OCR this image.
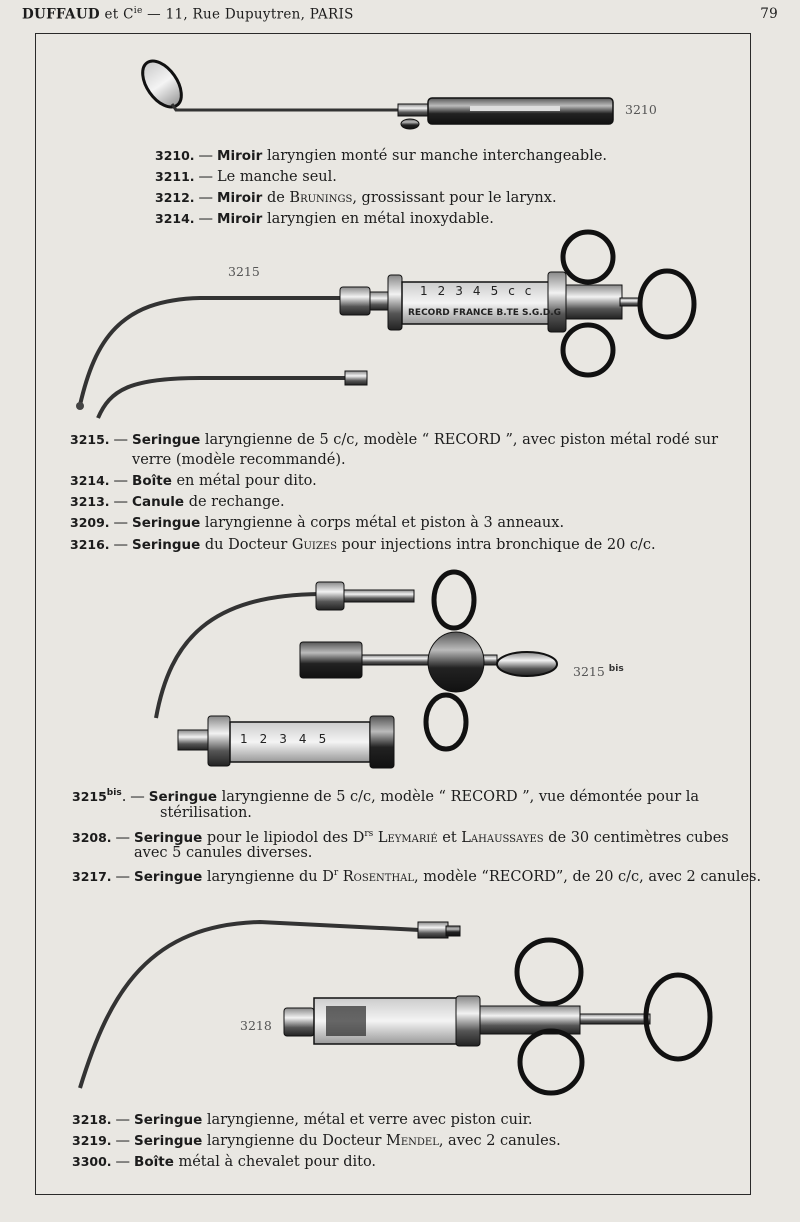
DUFFAUD et $C^{ie}$ — 11, Rue Dupuytren, PARIS	79
RECORD FRANCE B.TE S.G.D.G
12345cc
12345
3210
3215
3215 $^{bis}$
3218
3210. — Miroir laryngien monté sur manche interchangeable.
3211. — Le manche seul.
3212. — Miroir de Brunings, grossissant pour le larynx.
3214. — Miroir laryngien en métal inoxydable.
3215. — Seringue laryngienne de 5 c/c, modèle “ RECORD ”, avec piston métal rodé sur
verre (modèle recommandé).
3214. — Boîte en métal pour dito.
3213. — Canule de rechange.
3209. — Seringue laryngienne à corps métal et piston à 3 anneaux.
3216. — Seringue du Docteur Guizes pour injections intra bronchique de 20 c/c.
$3215^{bis}$. — Seringue laryngienne de 5 c/c, modèle “ RECORD ”, vue démontée pour la
stérilisation.
3208. — Seringue pour le lipiodol des $D^{rs}$ Leymarié et Lahaussayes de 30 centimètres cubes
avec 5 canules diverses.
3217. — Seringue laryngienne du $D^r$ Rosenthal, modèle “RECORD”, de 20 c/c, avec 2 canules.
3218. — Seringue laryngienne, métal et verre avec piston cuir.
3219. — Seringue laryngienne du Docteur Mendel, avec 2 canules.
3300. — Boîte métal à chevalet pour dito.
